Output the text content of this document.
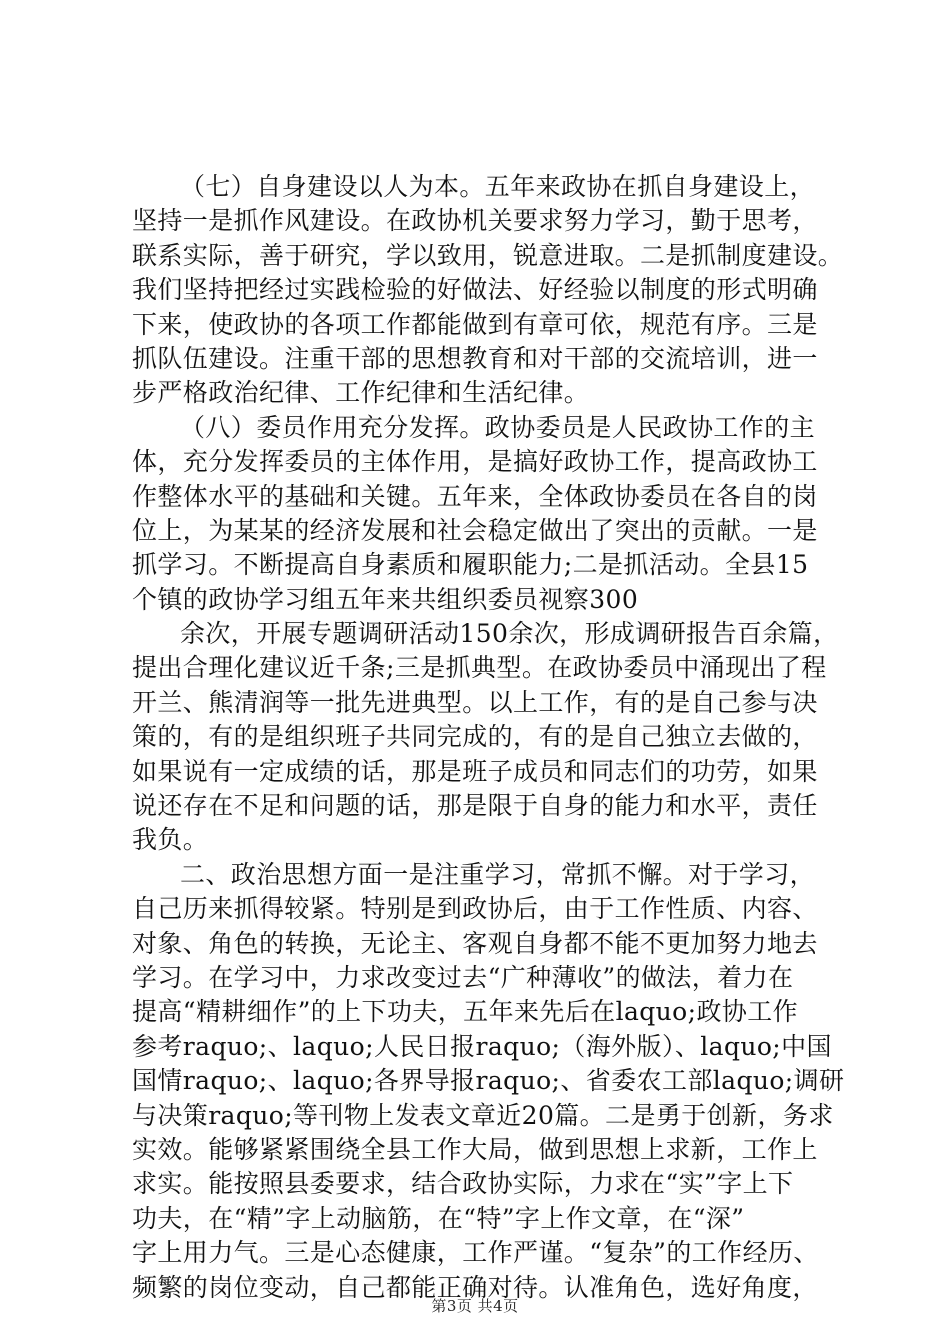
（七）自身建设以人为本。五年来政协在抓自身建设上，
坚持一是抓作风建设。在政协机关要求努力学习，勤于思考，
联系实际，善于研究，学以致用，锐意进取。二是抓制度建设。
我们坚持把经过实践检验的好做法、好经验以制度的形式明确
下来，使政协的各项工作都能做到有章可依，规范有序。三是
抓队伍建设。注重干部的思想教育和对干部的交流培训，进一
步严格政治纪律、工作纪律和生活纪律。
（八）委员作用充分发挥。政协委员是人民政协工作的主
体，充分发挥委员的主体作用，是搞好政协工作，提高政协工
作整体水平的基础和关键。五年来，全体政协委员在各自的岗
位上，为某某的经济发展和社会稳定做出了突出的贡献。一是
抓学习。不断提高自身素质和履职能力;二是抓活动。全县15
个镇的政协学习组五年来共组织委员视察300
余次，开展专题调研活动150余次，形成调研报告百余篇，
提出合理化建议近千条;三是抓典型。在政协委员中涌现出了程
开兰、熊清润等一批先进典型。以上工作，有的是自己参与决
策的，有的是组织班子共同完成的，有的是自己独立去做的，
如果说有一定成绩的话，那是班子成员和同志们的功劳，如果
说还存在不足和问题的话，那是限于自身的能力和水平，责任
我负。
二、政治思想方面一是注重学习，常抓不懈。对于学习，
自己历来抓得较紧。特别是到政协后，由于工作性质、内容、
对象、角色的转换，无论主、客观自身都不能不更加努力地去
学习。在学习中，力求改变过去“广种薄收”的做法，着力在
提高“精耕细作”的上下功夫，五年来先后在laquo;政协工作
参考raquo;、laquo;人民日报raquo;（海外版）、laquo;中国
国情raquo;、laquo;各界导报raquo;、省委农工部laquo;调研
与决策raquo;等刊物上发表文章近20篇。二是勇于创新，务求
实效。能够紧紧围绕全县工作大局，做到思想上求新，工作上
求实。能按照县委要求，结合政协实际，力求在“实”字上下
功夫，在“精”字上动脑筋，在“特”字上作文章，在“深”
字上用力气。三是心态健康，工作严谨。“复杂”的工作经历、
频繁的岗位变动，自己都能正确对待。认准角色，选好角度，
第3页 共4页
